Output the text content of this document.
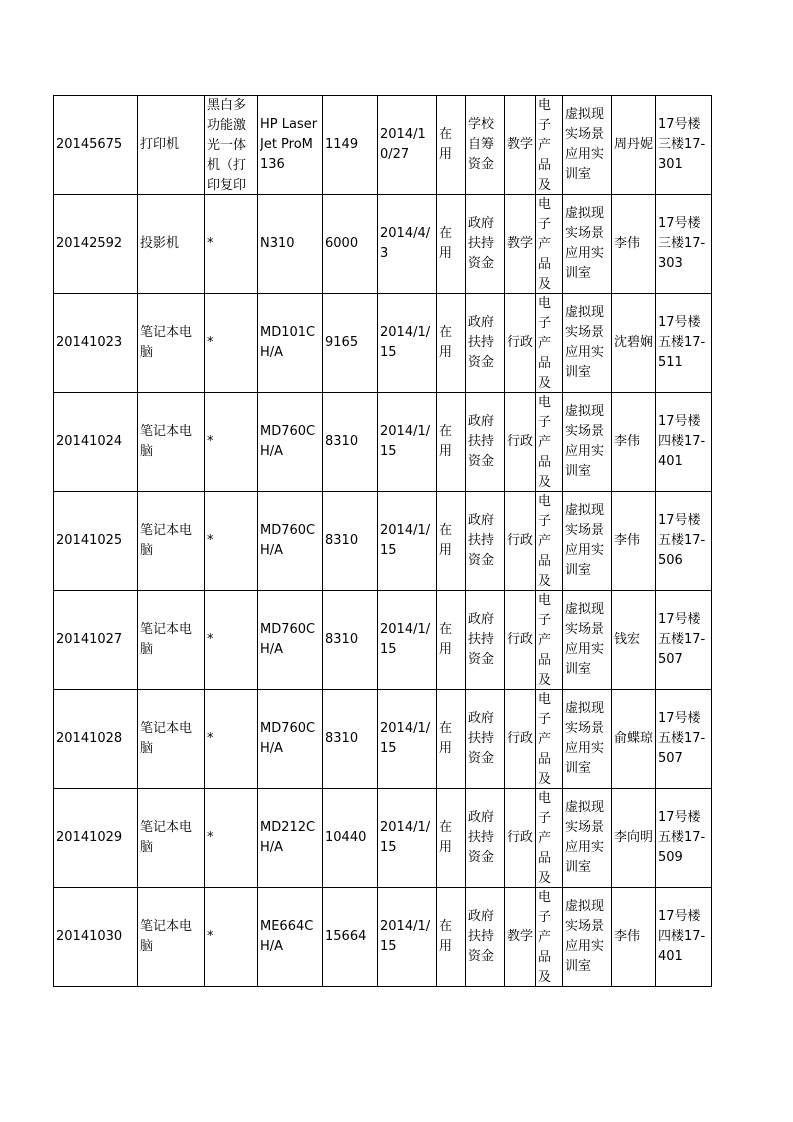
20145675	打印机	黑白多功能激光一体机（打印复印	HP LaserJet ProM136	1149	2014/10/27	在用	学校自筹资金	教学	电子产品及	虚拟现实场景应用实训室	周丹妮	17号楼三楼17-301

20142592	投影机	*	N310	6000	2014/4/3	在用	政府扶持资金	教学	电子产品及	虚拟现实场景应用实训室	李伟	17号楼三楼17-303

20141023	笔记本电脑	*	MD101CH/A	9165	2014/1/15	在用	政府扶持资金	行政	电子产品及	虚拟现实场景应用实训室	沈碧娴	17号楼五楼17-511

20141024	笔记本电脑	*	MD760CH/A	8310	2014/1/15	在用	政府扶持资金	行政	电子产品及	虚拟现实场景应用实训室	李伟	17号楼四楼17-401

20141025	笔记本电脑	*	MD760CH/A	8310	2014/1/15	在用	政府扶持资金	行政	电子产品及	虚拟现实场景应用实训室	李伟	17号楼五楼17-506

20141027	笔记本电脑	*	MD760CH/A	8310	2014/1/15	在用	政府扶持资金	行政	电子产品及	虚拟现实场景应用实训室	钱宏	17号楼五楼17-507

20141028	笔记本电脑	*	MD760CH/A	8310	2014/1/15	在用	政府扶持资金	行政	电子产品及	虚拟现实场景应用实训室	俞蝶琼	17号楼五楼17-507

20141029	笔记本电脑	*	MD212CH/A	10440	2014/1/15	在用	政府扶持资金	行政	电子产品及	虚拟现实场景应用实训室	李向明	17号楼五楼17-509

20141030	笔记本电脑	*	ME664CH/A	15664	2014/1/15	在用	政府扶持资金	教学	电子产品及	虚拟现实场景应用实训室	李伟	17号楼四楼17-401
